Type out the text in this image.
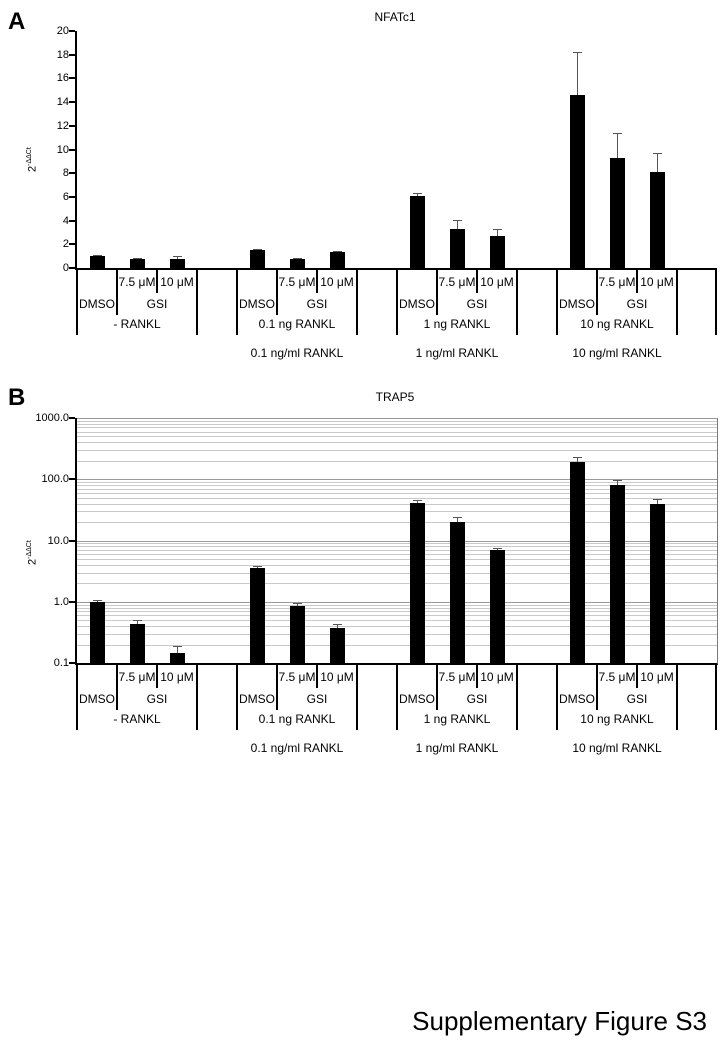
A	NFATc1
$2^{-\Delta\Delta Ct}$
0
2
4
6
8
10
12
14
16
18
20
7.5 μM 10 μM
DMSO	GSI
- RANKL
7.5 μM 10 μM
DMSO	GSI
0.1 ng RANKL
0.1 ng/ml RANKL
7.5 μM 10 μM
DMSO	GSI
1 ng RANKL
1 ng/ml RANKL
7.5 μM 10 μM
DMSO	GSI
10 ng RANKL
10 ng/ml RANKL
B	TRAP5
$2^{-\Delta\Delta Ct}$
1000.0
100.0
10.0
1.0
0.1
7.5 μM 10 μM
DMSO	GSI
- RANKL
7.5 μM 10 μM
DMSO	GSI
0.1 ng RANKL
0.1 ng/ml RANKL
7.5 μM 10 μM
DMSO	GSI
1 ng RANKL
1 ng/ml RANKL
7.5 μM 10 μM
DMSO	GSI
10 ng RANKL
10 ng/ml RANKL
Supplementary Figure S3
